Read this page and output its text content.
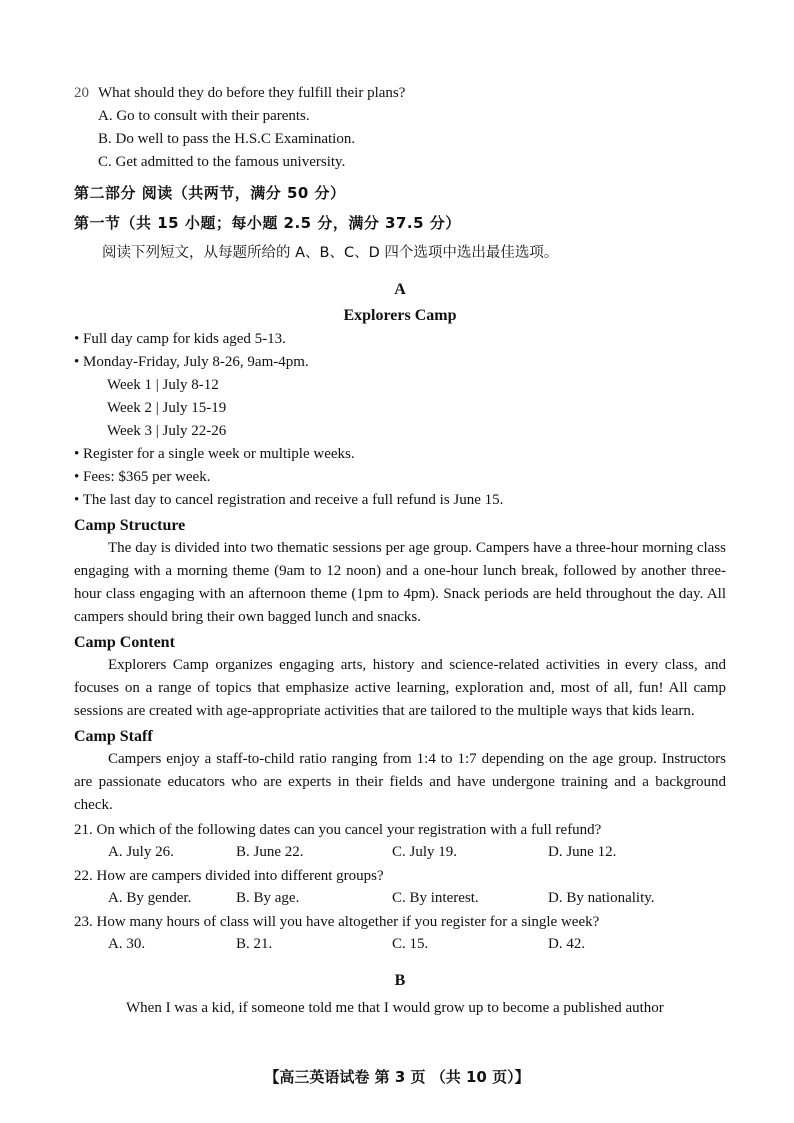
20 What should they do before they fulfill their plans?
A. Go to consult with their parents.
B. Do well to pass the H.S.C Examination.
C. Get admitted to the famous university.
第二部分 阅读（共两节，满分 50 分）
第一节（共 15 小题；每小题 2.5 分，满分 37.5 分）
阅读下列短文，从每题所给的 A、B、C、D 四个选项中选出最佳选项。
A
Explorers Camp
• Full day camp for kids aged 5-13.
• Monday-Friday, July 8-26, 9am-4pm.
Week 1 | July 8-12
Week 2 | July 15-19
Week 3 | July 22-26
• Register for a single week or multiple weeks.
• Fees: $365 per week.
• The last day to cancel registration and receive a full refund is June 15.
Camp Structure

The day is divided into two thematic sessions per age group. Campers have a three-hour morning class engaging with a morning theme (9am to 12 noon) and a one-hour lunch break, followed by another three-hour class engaging with an afternoon theme (1pm to 4pm). Snack periods are held throughout the day. All campers should bring their own bagged lunch and snacks.

Camp Content

Explorers Camp organizes engaging arts, history and science-related activities in every class, and focuses on a range of topics that emphasize active learning, exploration and, most of all, fun! All camp sessions are created with age-appropriate activities that are tailored to the multiple ways that kids learn.

Camp Staff

Campers enjoy a staff-to-child ratio ranging from 1:4 to 1:7 depending on the age group. Instructors are passionate educators who are experts in their fields and have undergone training and a background check.

21. On which of the following dates can you cancel your registration with a full refund?
A. July 26.	B. June 22.	C. July 19.	D. June 12.
22. How are campers divided into different groups?
A. By gender.	B. By age.	C. By interest.	D. By nationality.
23. How many hours of class will you have altogether if you register for a single week?
A. 30.	B. 21.	C. 15.	D. 42.
B
When I was a kid, if someone told me that I would grow up to become a published author
【高三英语试卷 第 3 页 （共 10 页）】
